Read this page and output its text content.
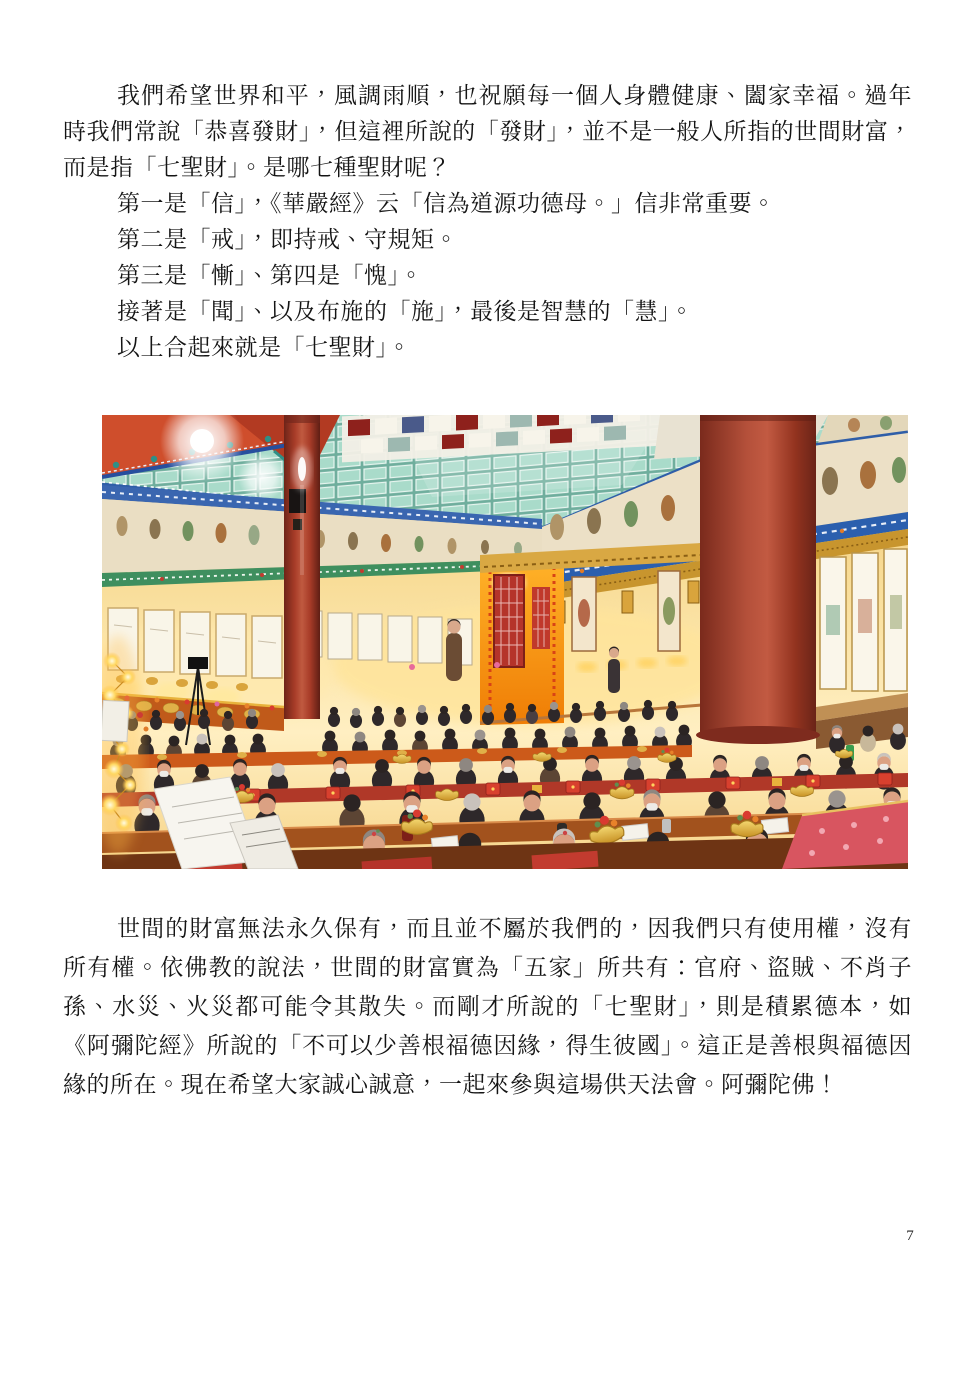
我們希望世界和平，風調雨順，也祝願每一個人身體健康、闔家幸福。過年時我們常說「恭喜發財」，但這裡所說的「發財」，並不是一般人所指的世間財富，而是指「七聖財」。是哪七種聖財呢？

第一是「信」，《華嚴經》云「信為道源功德母。」信非常重要。

第二是「戒」，即持戒、守規矩。

第三是「慚」、第四是「愧」。

接著是「聞」、以及布施的「施」，最後是智慧的「慧」。

以上合起來就是「七聖財」。

世間的財富無法永久保有，而且並不屬於我們的，因我們只有使用權，沒有所有權。依佛教的說法，世間的財富實為「五家」所共有：官府、盜賊、不肖子孫、水災、火災都可能令其散失。而剛才所說的「七聖財」，則是積累德本，如《阿彌陀經》所說的「不可以少善根福德因緣，得生彼國」。這正是善根與福德因緣的所在。現在希望大家誠心誠意，一起來參與這場供天法會。阿彌陀佛！

7
